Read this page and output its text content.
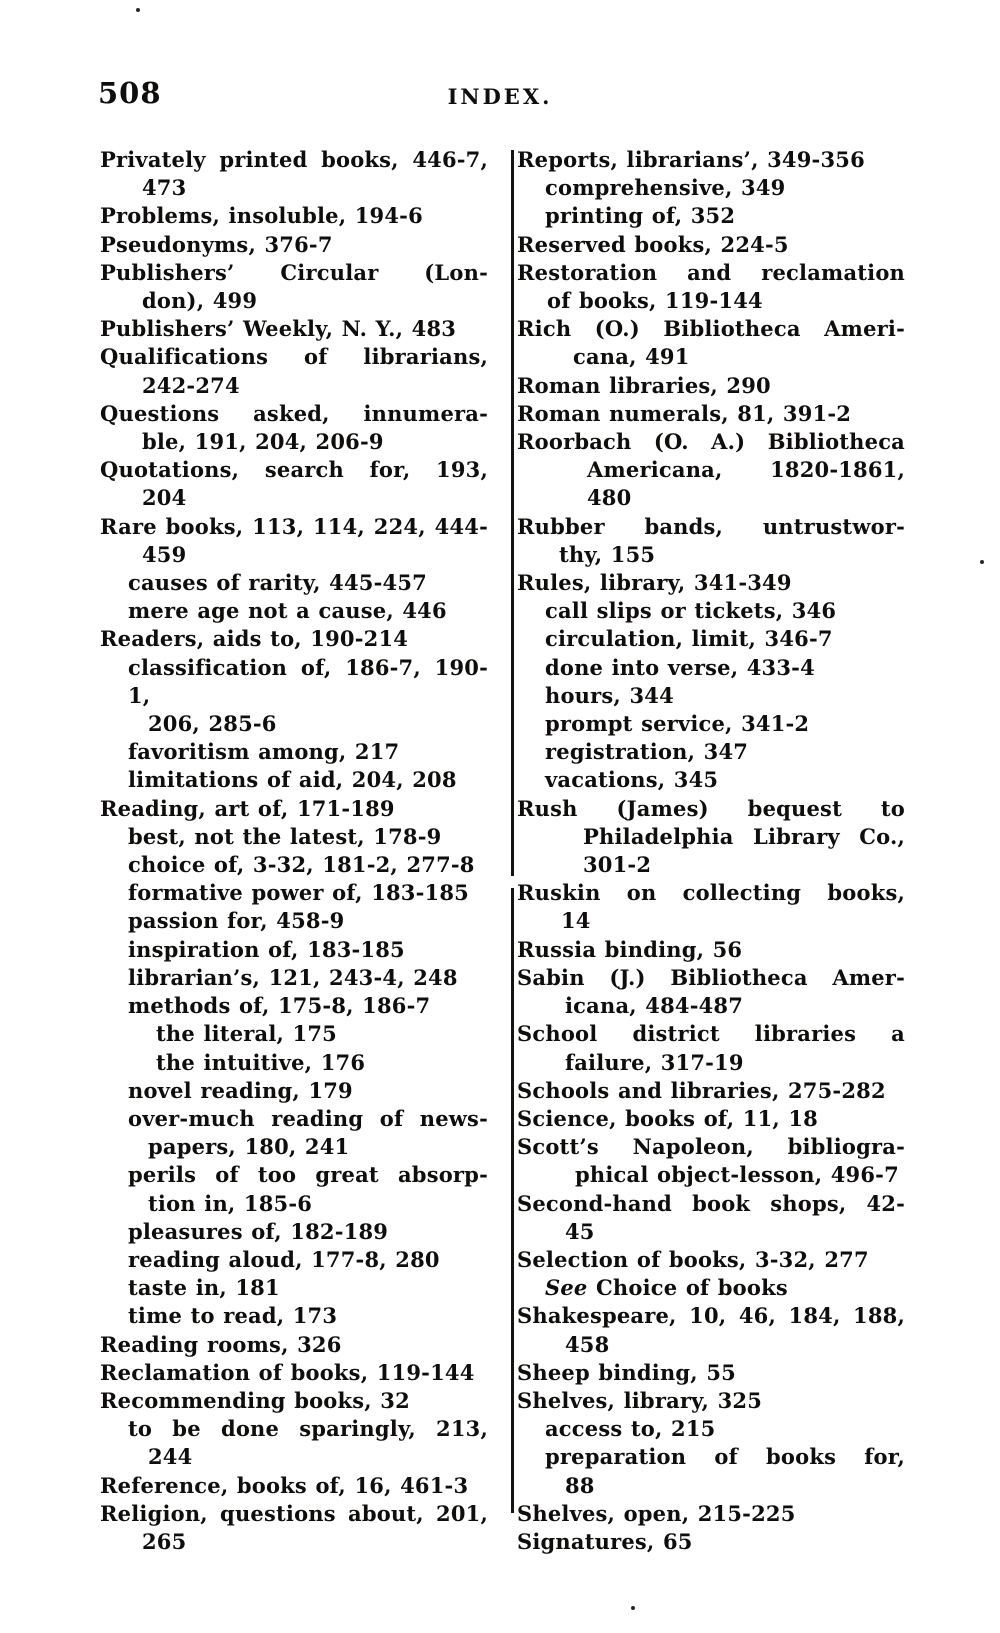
508	INDEX.
Privately printed books, 446-7,
473
Problems, insoluble, 194-6
Pseudonyms, 376-7
Publishers’ Circular (Lon-
don), 499
Publishers’ Weekly, N. Y., 483
Qualifications of librarians,
242-274
Questions asked, innumera-
ble, 191, 204, 206-9
Quotations, search for, 193,
204
Rare books, 113, 114, 224, 444-
459
causes of rarity, 445-457
mere age not a cause, 446
Readers, aids to, 190-214
classification of, 186-7, 190-1,
206, 285-6
favoritism among, 217
limitations of aid, 204, 208
Reading, art of, 171-189
best, not the latest, 178-9
choice of, 3-32, 181-2, 277-8
formative power of, 183-185
passion for, 458-9
inspiration of, 183-185
librarian’s, 121, 243-4, 248
methods of, 175-8, 186-7
the literal, 175
the intuitive, 176
novel reading, 179
over-much reading of news-
papers, 180, 241
perils of too great absorp-
tion in, 185-6
pleasures of, 182-189
reading aloud, 177-8, 280
taste in, 181
time to read, 173
Reading rooms, 326
Reclamation of books, 119-144
Recommending books, 32
to be done sparingly, 213,
244
Reference, books of, 16, 461-3
Religion, questions about, 201,
265
Reports, librarians’, 349-356
comprehensive, 349
printing of, 352
Reserved books, 224-5
Restoration and reclamation
of books, 119-144
Rich (O.) Bibliotheca Ameri-
cana, 491
Roman libraries, 290
Roman numerals, 81, 391-2
Roorbach (O. A.) Bibliotheca
Americana, 1820-1861, 480
Rubber bands, untrustwor-
thy, 155
Rules, library, 341-349
call slips or tickets, 346
circulation, limit, 346-7
done into verse, 433-4
hours, 344
prompt service, 341-2
registration, 347
vacations, 345
Rush (James) bequest to
Philadelphia Library Co.,
301-2
Ruskin on collecting books,
14
Russia binding, 56
Sabin (J.) Bibliotheca Amer-
icana, 484-487
School district libraries a
failure, 317-19
Schools and libraries, 275-282
Science, books of, 11, 18
Scott’s Napoleon, bibliogra-
phical object-lesson, 496-7
Second-hand book shops, 42-
45
Selection of books, 3-32, 277
See Choice of books
Shakespeare, 10, 46, 184, 188,
458
Sheep binding, 55
Shelves, library, 325
access to, 215
preparation of books for,
88
Shelves, open, 215-225
Signatures, 65
